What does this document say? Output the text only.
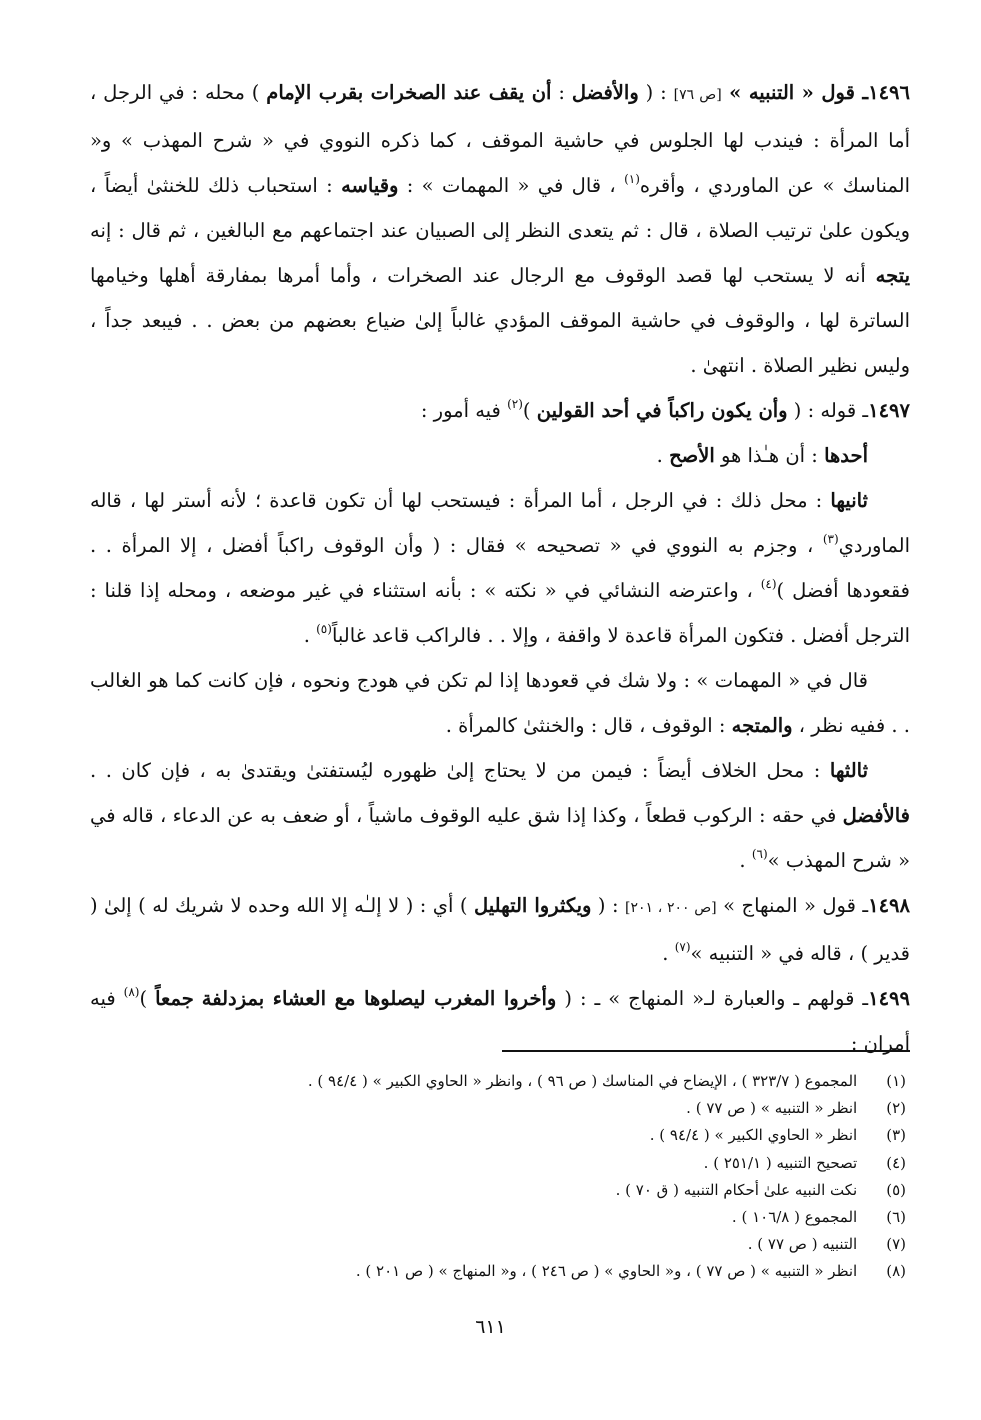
١٤٩٦ـ قول « التنبيه » [ص ٧٦] : ( والأفضل : أن يقف عند الصخرات بقرب الإمام ) محله : في الرجل ، أما المرأة : فيندب لها الجلوس في حاشية الموقف ، كما ذكره النووي في « شرح المهذب » و« المناسك » عن الماوردي ، وأقره$^{(١)}$ ، قال في « المهمات » : وقياسه : استحباب ذلك للخنثىٰ أيضاً ، ويكون علىٰ ترتيب الصلاة ، قال : ثم يتعدى النظر إلى الصبيان عند اجتماعهم مع البالغين ، ثم قال : إنه يتجه أنه لا يستحب لها قصد الوقوف مع الرجال عند الصخرات ، وأما أمرها بمفارقة أهلها وخيامها الساترة لها ، والوقوف في حاشية الموقف المؤدي غالباً إلىٰ ضياع بعضهم من بعض . . فيبعد جداً ، وليس نظير الصلاة . انتهىٰ .

١٤٩٧ـ قوله : ( وأن يكون راكباً في أحد القولين )$^{(٢)}$ فيه أمور :

أحدها : أن هـٰذا هو الأصح .

ثانيها : محل ذلك : في الرجل ، أما المرأة : فيستحب لها أن تكون قاعدة ؛ لأنه أستر لها ، قاله الماوردي$^{(٣)}$ ، وجزم به النووي في « تصحيحه » فقال : ( وأن الوقوف راكباً أفضل ، إلا المرأة . . فقعودها أفضل )$^{(٤)}$ ، واعترضه النشائي في « نكته » : بأنه استثناء في غير موضعه ، ومحله إذا قلنا : الترجل أفضل . فتكون المرأة قاعدة لا واقفة ، وإلا . . فالراكب قاعد غالباً$^{(٥)}$ .

قال في « المهمات » : ولا شك في قعودها إذا لم تكن في هودج ونحوه ، فإن كانت كما هو الغالب . . ففيه نظر ، والمتجه : الوقوف ، قال : والخنثىٰ كالمرأة .

ثالثها : محل الخلاف أيضاً : فيمن من لا يحتاج إلىٰ ظهوره ليُستفتىٰ ويقتدىٰ به ، فإن كان . . فالأفضل في حقه : الركوب قطعاً ، وكذا إذا شق عليه الوقوف ماشياً ، أو ضعف به عن الدعاء ، قاله في « شرح المهذب »$^{(٦)}$ .

١٤٩٨ـ قول « المنهاج » [ص ٢٠٠ ، ٢٠١] : ( ويكثروا التهليل ) أي : ( لا إلـٰه إلا الله وحده لا شريك له ) إلىٰ ( قدير ) ، قاله في « التنبيه »$^{(٧)}$ .

١٤٩٩ـ قولهم ـ والعبارة لـ« المنهاج » ـ : ( وأخروا المغرب ليصلوها مع العشاء بمزدلفة جمعاً )$^{(٨)}$ فيه أمران :

(١) المجموع ( ٣٢٣/٧ ) ، الإيضاح في المناسك ( ص ٩٦ ) ، وانظر « الحاوي الكبير » ( ٩٤/٤ ) .
(٢) انظر « التنبيه » ( ص ٧٧ ) .
(٣) انظر « الحاوي الكبير » ( ٩٤/٤ ) .
(٤) تصحيح التنبيه ( ٢٥١/١ ) .
(٥) نكت النبيه علىٰ أحكام التنبيه ( ق ٧٠ ) .
(٦) المجموع ( ١٠٦/٨ ) .
(٧) التنبيه ( ص ٧٧ ) .
(٨) انظر « التنبيه » ( ص ٧٧ ) ، و« الحاوي » ( ص ٢٤٦ ) ، و« المنهاج » ( ص ٢٠١ ) .
٦١١
